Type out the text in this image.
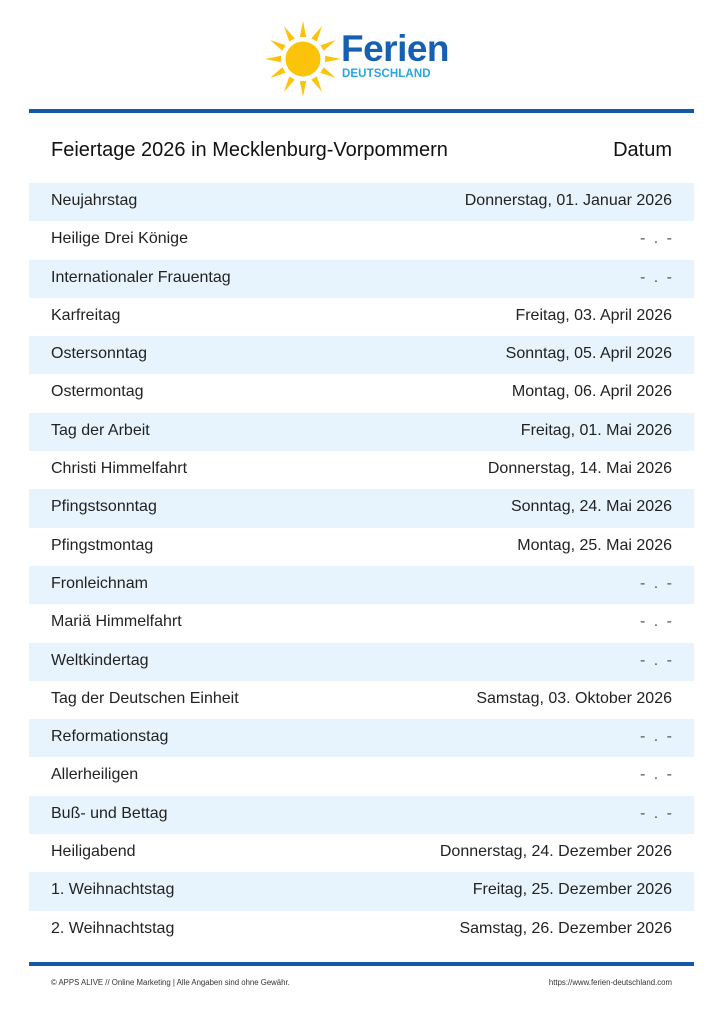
Ferien
DEUTSCHLAND
Feiertage 2026 in Mecklenburg-Vorpommern	Datum
Neujahrstag	Donnerstag, 01. Januar 2026
Heilige Drei Könige	- . -
Internationaler Frauentag	- . -
Karfreitag	Freitag, 03. April 2026
Ostersonntag	Sonntag, 05. April 2026
Ostermontag	Montag, 06. April 2026
Tag der Arbeit	Freitag, 01. Mai 2026
Christi Himmelfahrt	Donnerstag, 14. Mai 2026
Pfingstsonntag	Sonntag, 24. Mai 2026
Pfingstmontag	Montag, 25. Mai 2026
Fronleichnam	- . -
Mariä Himmelfahrt	- . -
Weltkindertag	- . -
Tag der Deutschen Einheit	Samstag, 03. Oktober 2026
Reformationstag	- . -
Allerheiligen	- . -
Buß- und Bettag	- . -
Heiligabend	Donnerstag, 24. Dezember 2026
1. Weihnachtstag	Freitag, 25. Dezember 2026
2. Weihnachtstag	Samstag, 26. Dezember 2026
© APPS ALIVE // Online Marketing | Alle Angaben sind ohne Gewähr.	https://www.ferien-deutschland.com
